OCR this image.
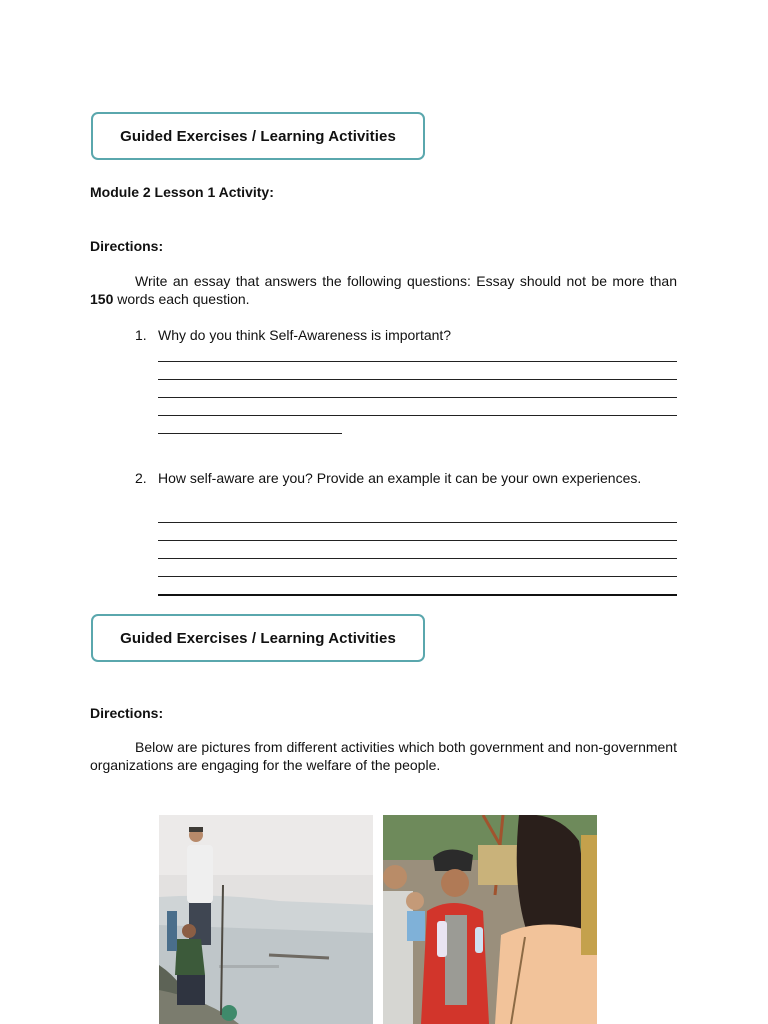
Guided Exercises / Learning Activities
Module 2 Lesson 1 Activity:
Directions:

Write an essay that answers the following questions: Essay should not be more than 150 words each question.

1. Why do you think Self-Awareness is important?
2. How self-aware are you? Provide an example it can be your own experiences.
Guided Exercises / Learning Activities
Directions:

Below are pictures from different activities which both government and non-government organizations are engaging for the welfare of the people.
